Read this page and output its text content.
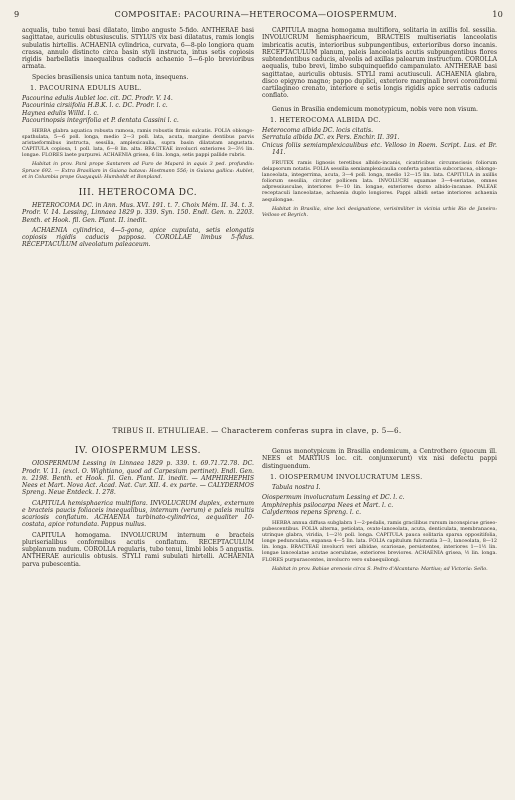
9	COMPOSITAE: PACOURINA—HETEROCOMA—OIOSPERMUM.	10

acqualis, tubo tenui basi dilatato, limbo anguste 5-fido. ANTHERAE basi sagittatae, auriculis obtusiusculis. STYLUS vix basi dilatatus, ramis longis subulatis hirtellis. ACHAENIA cylindrica, curvata, 6—8-plo longiora quam crassa, annulo distincto circa basin styli instructa, intus setis copiosis rigidis barbellatis inaequalibus caducis achaenio 5—6-plo brevioribus armata.

Species brasiliensis unica tantum nota, insequens.

1. PACOURINA EDULIS AUBL.

Pacourina edulis Aublet loc. cit. DC. Prodr. V. 14.

Pacourinia cirsiifolia H.B.K. l. c. DC. Prodr. l. c.

Haynea edulis Willd. l. c.

Pacourinopsis integrifolia et P. dentata Cassini l. c.

HERBA glabra aquatica robusta ramosa, ramis robustis firmis sulcatis. FOLIA oblongo-spathulata, 5—6 poll. longa, medio 2—3 poll. lata, acuta, margine dentibus parvis aristaeformibus instructa, sessilia, amplexicaulia, supra basin dilatatam angustata. CAPITULA copiosa, 1 poll. lata, 6—8 lin. alta. BRACTEAE involucri exteriores 3—3½ lin. longae. FLORES laete purpurei. ACHAENIA grisea, 6 lin. longa, setis pappi pallide rubris.

Habitat in prov. Pará prope Santarem ad Furo de Mapará in aquis 3 ped. profundis: Spruce 692. — Extra Brasiliam in Guiana batava: Hostmann 556; in Guiana gallica: Aublet, et in Columbia prope Guayaquil: Humboldt et Bonpland.

III. HETEROCOMA DC.

HETEROCOMA DC. in Ann. Mus. XVI. 191. t. 7. Choix Mém. II. 34. t. 3. Prodr. V. 14. Lessing, Linnaea 1829 p. 339. Syn. 150. Endl. Gen. n. 2203. Benth. et Hook. fil. Gen. Plant. II. inedit.

ACHAENIA cylindrica, 4—5-gona, apice cupulata, setis elongatis copiosis rigidis caducis papposa. COROLLAE limbus 5-fidus. RECEPTACULUM alveolatum paleaceum.

CAPITULA magna homogama multiflora, solitaria in axillis fol. sessilia. INVOLUCRUM hemisphaericum, BRACTEIS multiseriatis lanceolatis imbricatis acutis, interioribus subpungentibus, exterioribus dorso incanis. RECEPTACULUM planum, paleis lanceolatis acutis subpungentibus flores subtendentibus caducis, alveolis ad axillas palearum instructum. COROLLA aequalis, tubo brevi, limbo subquinquefido campanulato. ANTHERAE basi sagittatae, auriculis obtusis. STYLI rami acutiusculi. ACHAENIA glabra, disco epigyno magno; pappo duplici, exteriore marginali brevi coroniformi cartilagineo crenato, interiore e setis longis rigidis apice serratis caducis conflato.

Genus in Brasilia endemicum monotypicum, nobis vere non visum.

1. HETEROCOMA ALBIDA DC.

Heterocoma albida DC. locis citatis.

Serratula albida DC. ex Pers. Enchir. II. 391.

Cnicus foliis semiamplexicaulibus etc. Velloso in Roem. Script. Lus. et Br. 141.

FRUTEX ramis lignosis teretibus albido-incanis, cicatricibus circumscissis foliorum delapsorum notatis. FOLIA sessilia semiamplexicaulia conferta patentia subcoriacea, oblongo-lanceolata, integerrima, acuta, 3—4 poll. longa, medio 12—15 lin. lata. CAPITULA in axillis foliorum sessilia, circiter pollicem lata. INVOLUCRI squamae 3—4-seriatae, omnes adpressiusculae, interiores 9—10 lin. longae, exteriores dorso albido-incanae. PALEAE receptaculi lanceolatae, achaenia duplo longiores. Pappi albidi setae interiores achaenia aequilongae.

Habitat in Brasilia, sine loci designatione, verisimiliter in vicinia urbis Rio de Janeiro: Velloso et Beyrich.

TRIBUS II. ETHULIEAE. — Characterem conferas supra in clave, p. 5—6.
IV. OIOSPERMUM LESS.

OIOSPERMUM Lessing in Linnaea 1829 p. 339. t. 69.71.72.78. DC. Prodr. V. 11. (excl. O. Wightiano, quod ad Carpesium pertinet). Endl. Gen. n. 2198. Benth. et Hook. fil. Gen. Plant. II. inedit. — AMPHIRHEPHIS Nees et Mart. Nova Act. Acad. Nat. Cur. XII. 4. ex parte. — CALYDERMOS Spreng. Neue Entdeck. I. 278.

CAPITULA hemisphaerica multiflora. INVOLUCRUM duplex, externum e bracteis paucis foliaceis inaequalibus, internum (verum) e paleis multis scariosis conflatum. ACHAENIA turbinato-cylindrica, aequaliter 10-costata, apice rotundata. Pappus nullus.

CAPITULA homogama. INVOLUCRUM internum e bracteis pluriserialibus conformibus acutis conflatum. RECEPTACULUM subplanum nudum. COROLLA regularis, tubo tenui, limbi lobis 5 angustis. ANTHERAE auriculis obtusis. STYLI rami subulati hirtelli. ACHAENIA parva pubescentia.

Genus monotypicum in Brasilia endemicum, a Centrothero (quocum ill. NEES et MARTIUS loc. cit. conjunxerunt) vix nisi defectu pappi distinguendum.

1. OIOSPERMUM INVOLUCRATUM LESS.

Tabula nostra I.

Oiospermum involucratum Lessing et DC. l. c.

Amphirephis psilocarpa Nees et Mart. l. c.

Calydermos repens Spreng. l. c.

HERBA annua diffusa subglabra 1—2-pedalis, ramis gracilibus rursum inconspicue griseo-pubescentibus. FOLIA alterna, petiolata, ovato-lanceolata, acuta, denticulata, membranacea, utrinque glabra, viridia, 1—2½ poll. longa. CAPITULA pauca solitaria sparsa oppositifolia, longe pedunculata, expansa 4—5 lin. lata. FOLIA capitulum fulcrantia 3—3, lanceolata, 8—12 lin. longa. BRACTEAE involucri veri albidae, scariosae, persistentes, interiores 1—1½ lin. longae lanceolatae acutae acerulatae, exteriores breviores. ACHAENIA grisea, ½ lin. longa. FLORES purpurascentes, involucro vero subaequilongi.

Habitat in prov. Bahiae arenosis circa S. Pedro d'Alcantara: Martius; ad Victoria: Sello.
